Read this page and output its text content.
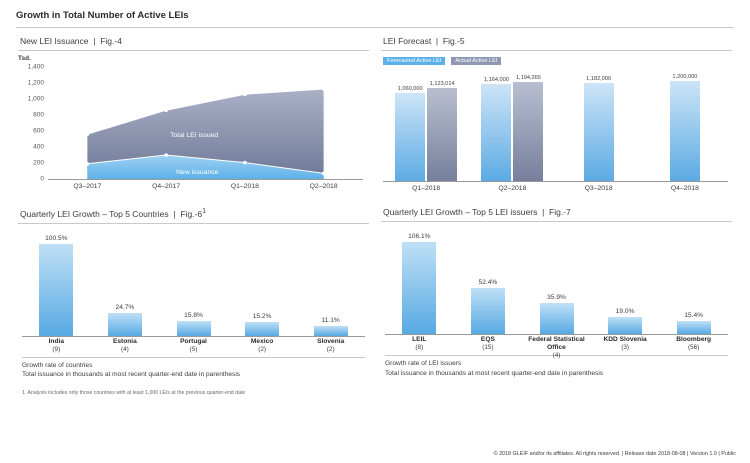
Growth in Total Number of Active LEIs
New LEI Issuance  |  Fig.-4
Tsd.
0
200
400
600
800
1,000
1,200
1,400
Total LEI issued
New issuance
Q3–2017	Q4–2017	Q1–2018	Q2–2018
LEI Forecast  |  Fig.-5
Forecasted Active LEI	Actual Active LEI
1,060,000
1,123,014
1,164,000 1,194,265	1,182,000	1,200,000
Q1–2018	Q2–2018	Q3–2018	Q4–2018
Quarterly LEI Growth – Top 5 Countries  |  $Fig.-6^1$
100.5%
24.7%
15.8%	15.2%
11.1%
India
(9)
Estonia
(4)
Portugal
(5)
Mexico
(2)
Slovenia
(2)
Growth rate of countries
Total issuance in thousands at most recent quarter-end date in parenthesis
1. Analysis includes only those countries with at least 1,000 LEIs at the previous quarter-end date
Quarterly LEI Growth – Top 5 LEI issuers  |  Fig.-7
106.1%
52.4%
35.9%
19.0%	15.4%
LEIL
(8)
EQS
(15)
Federal Statistical Office
(4)
KDD Slovenia
(3)
Bloomberg
(56)
Growth rate of LEI issuers
Total issuance in thousands at most recent quarter-end date in parenthesis
© 2018 GLEIF and/or its affiliates. All rights reserved. | Release date 2018-08-08 | Version 1.0 | Public
